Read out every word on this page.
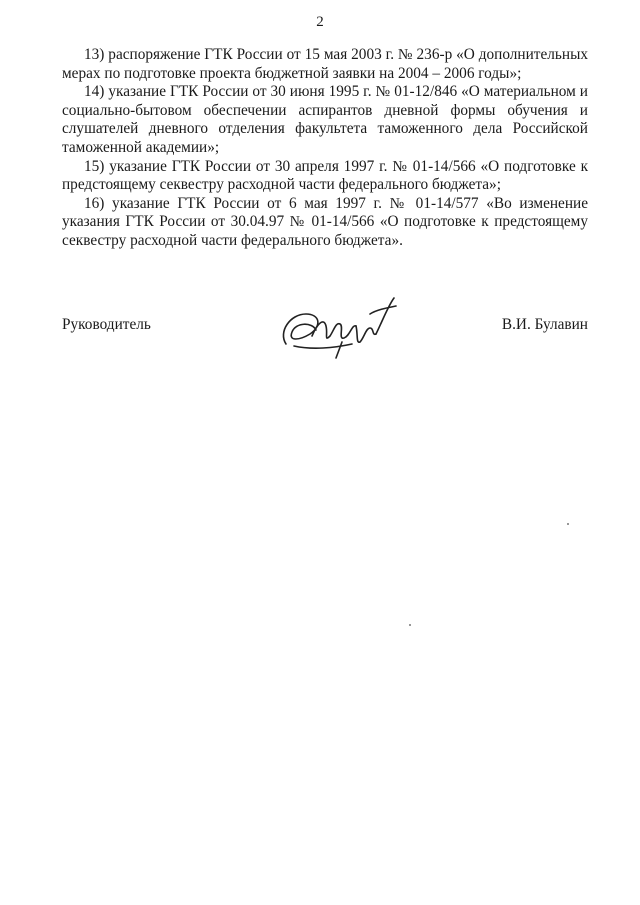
2

13) распоряжение ГТК России от 15 мая 2003 г. № 236-р «О дополнительных мерах по подготовке проекта бюджетной заявки на 2004 – 2006 годы»;

14) указание ГТК России от 30 июня 1995 г. № 01-12/846 «О материальном и социально-бытовом обеспечении аспирантов дневной формы обучения и слушателей дневного отделения факультета таможенного дела Российской таможенной академии»;

15) указание ГТК России от 30 апреля 1997 г. № 01-14/566 «О подготовке к предстоящему секвестру расходной части федерального бюджета»;

16) указание ГТК России от 6 мая 1997 г. № 01-14/577 «Во изменение указания ГТК России от 30.04.97 № 01-14/566 «О подготовке к предстоящему секвестру расходной части федерального бюджета».

Руководитель	В.И. Булавин
